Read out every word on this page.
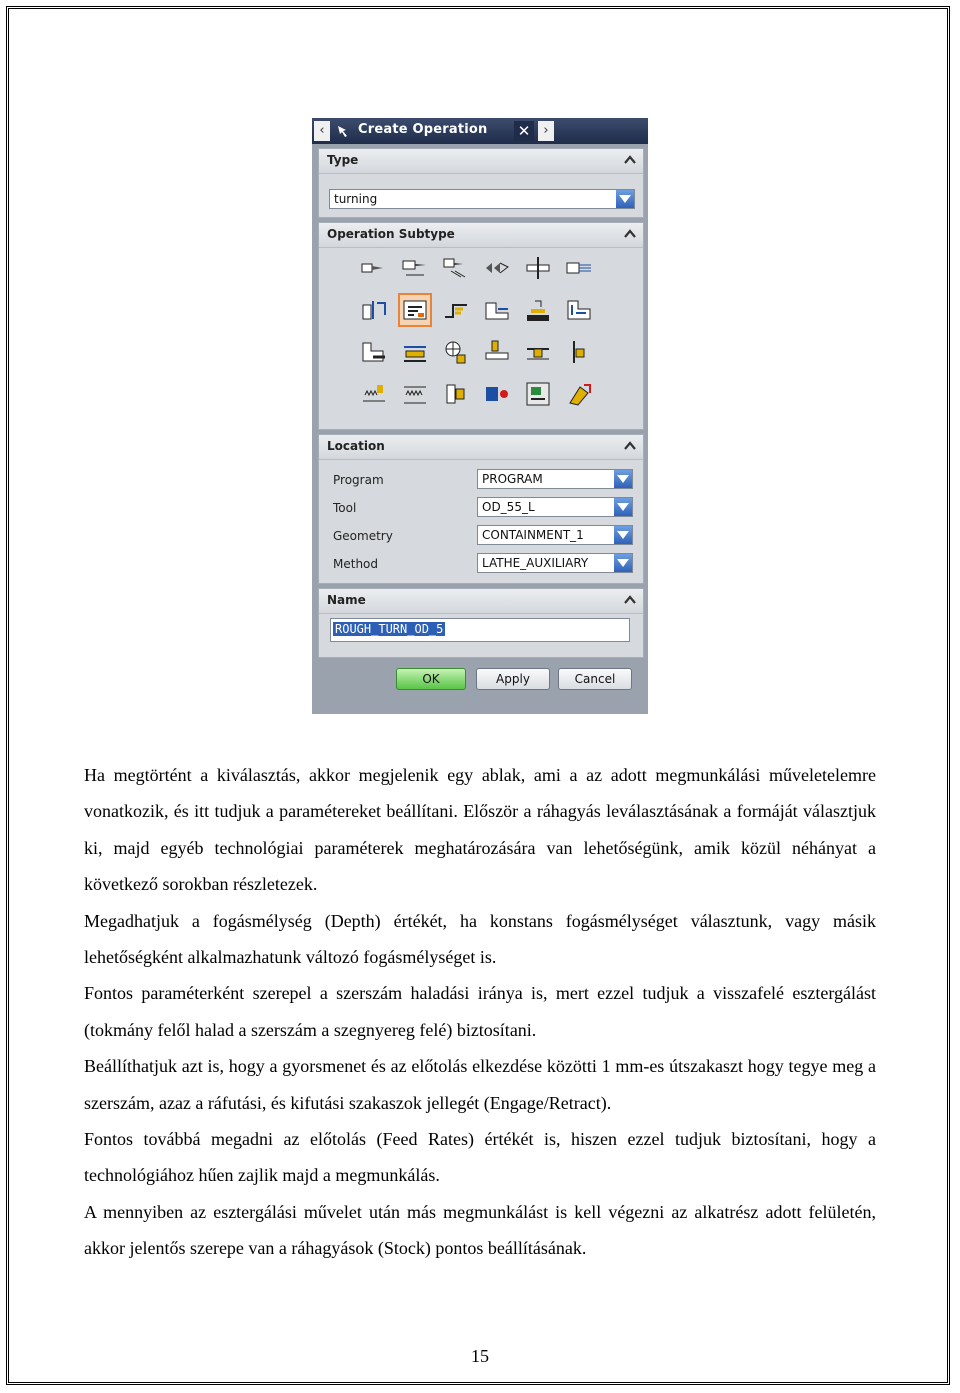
‹	Create Operation ✕	›
Type
turning
Operation Subtype
Location
Program	PROGRAM
Tool	OD_55_L
Geometry	CONTAINMENT_1
Method	LATHE_AUXILIARY
Name
ROUGH_TURN_OD_5
OK	Apply	Cancel

Ha megtörtént a kiválasztás, akkor megjelenik egy ablak, ami a az adott megmunkálási műveletelemre vonatkozik, és itt tudjuk a paramétereket beállítani. Először a ráhagyás leválasztásának a formáját választjuk ki, majd egyéb technológiai paraméterek meghatározására van lehetőségünk, amik közül néhányat a következő sorokban részletezek.

Megadhatjuk a fogásmélység (Depth) értékét, ha konstans fogásmélységet választunk, vagy másik lehetőségként alkalmazhatunk változó fogásmélységet is.

Fontos paraméterként szerepel a szerszám haladási iránya is, mert ezzel tudjuk a visszafelé esztergálást (tokmány felől halad a szerszám a szegnyereg felé) biztosítani.

Beállíthatjuk azt is, hogy a gyorsmenet és az előtolás elkezdése közötti 1 mm-es útszakaszt hogy tegye meg a szerszám, azaz a ráfutási, és kifutási szakaszok jellegét (Engage/Retract).

Fontos továbbá megadni az előtolás (Feed Rates) értékét is, hiszen ezzel tudjuk biztosítani, hogy a technológiához hűen zajlik majd a megmunkálás.

A mennyiben az esztergálási művelet után más megmunkálást is kell végezni az alkatrész adott felületén, akkor jelentős szerepe van a ráhagyások (Stock) pontos beállításának.

15
